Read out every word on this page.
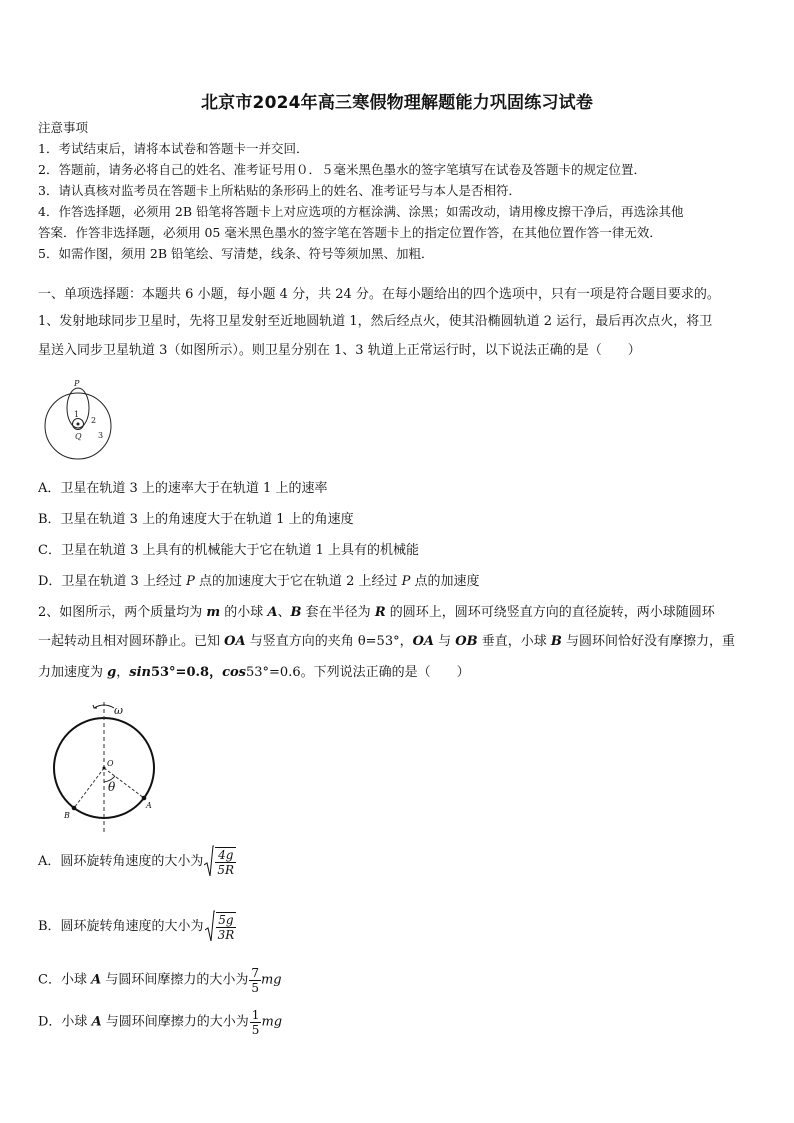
北京市2024年高三寒假物理解题能力巩固练习试卷
注意事项
1．考试结束后，请将本试卷和答题卡一并交回．
2．答题前，请务必将自己的姓名、准考证号用０．５毫米黑色墨水的签字笔填写在试卷及答题卡的规定位置．
3．请认真核对监考员在答题卡上所粘贴的条形码上的姓名、准考证号与本人是否相符．
4．作答选择题，必须用 2B 铅笔将答题卡上对应选项的方框涂满、涂黑；如需改动，请用橡皮擦干净后，再选涂其他
答案．作答非选择题，必须用 05 毫米黑色墨水的签字笔在答题卡上的指定位置作答，在其他位置作答一律无效．
5．如需作图，须用 2B 铅笔绘、写清楚，线条、符号等须加黑、加粗．
一、单项选择题：本题共 6 小题，每小题 4 分，共 24 分。在每小题给出的四个选项中，只有一项是符合题目要求的。
1、发射地球同步卫星时，先将卫星发射至近地圆轨道 1，然后经点火，使其沿椭圆轨道 2 运行，最后再次点火，将卫
星送入同步卫星轨道 3（如图所示）。则卫星分别在 1、3 轨道上正常运行时，以下说法正确的是（　　）
P
1
2
Q 3
A．卫星在轨道 3 上的速率大于在轨道 1 上的速率
B．卫星在轨道 3 上的角速度大于在轨道 1 上的角速度
C．卫星在轨道 3 上具有的机械能大于它在轨道 1 上具有的机械能
D．卫星在轨道 3 上经过 P 点的加速度大于它在轨道 2 上经过 P 点的加速度
2、如图所示，两个质量均为 m 的小球 A、B 套在半径为 R 的圆环上，圆环可绕竖直方向的直径旋转，两小球随圆环
一起转动且相对圆环静止。已知 OA 与竖直方向的夹角 θ=53°，OA 与 OB 垂直，小球 B 与圆环间恰好没有摩擦力，重
力加速度为 g，sin53°=0.8，cos53°=0.6。下列说法正确的是（　　）
ω
O
θ
A
B
A．圆环旋转角速度的大小为 $\frac{4g}{5R}$
B．圆环旋转角速度的大小为 $\frac{5g}{3R}$
C．小球 A 与圆环间摩擦力的大小为 $\frac{7}{5}$ mg
D．小球 A 与圆环间摩擦力的大小为 $\frac{1}{5}$ mg
